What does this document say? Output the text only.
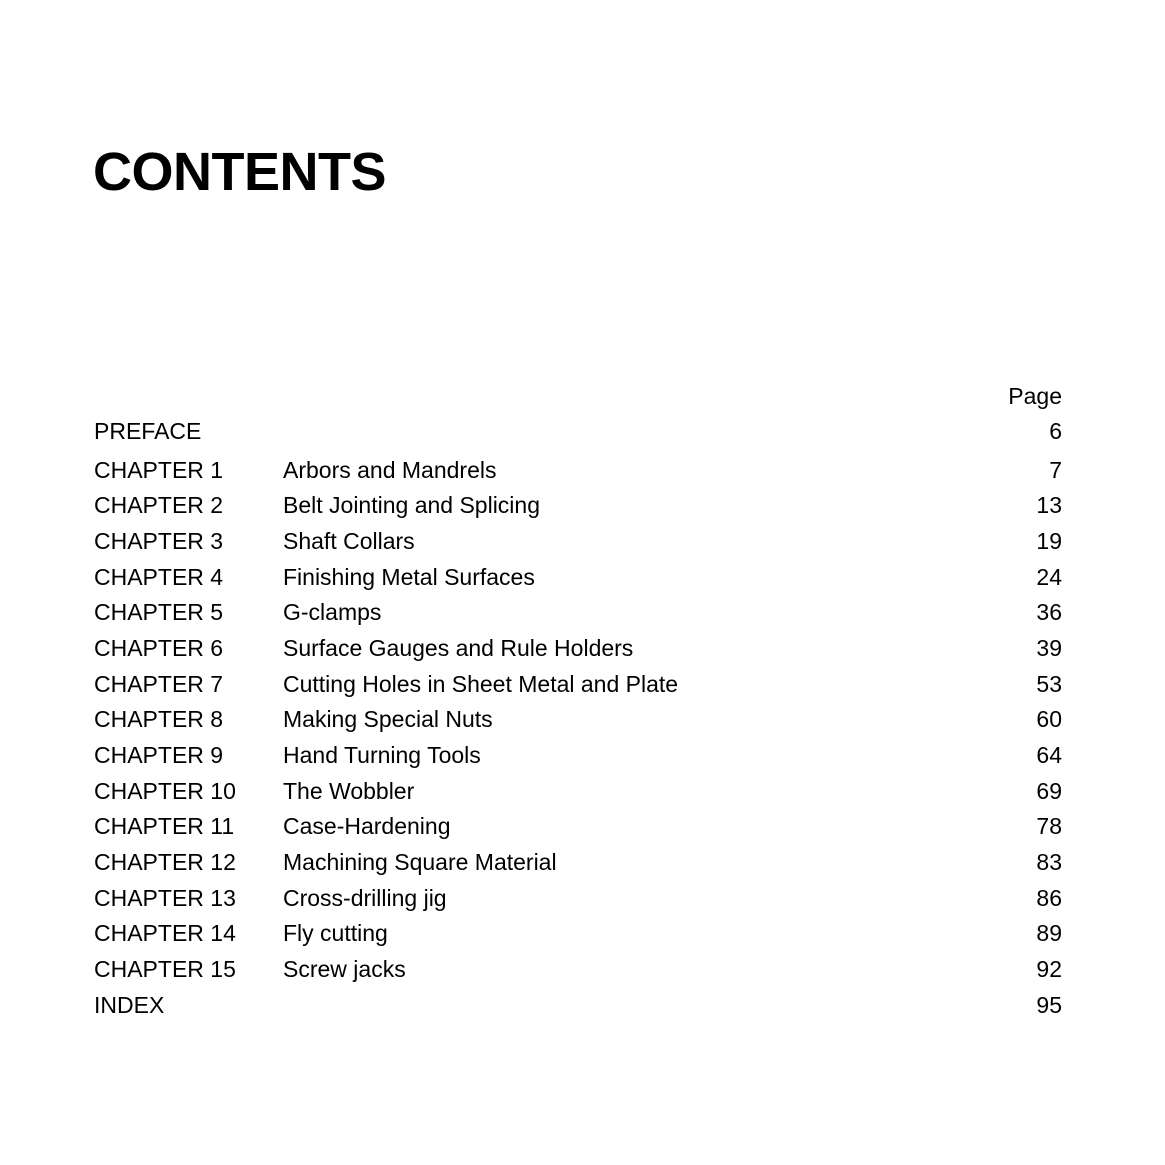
CONTENTS
Page
PREFACE	6
CHAPTER 1	Arbors and Mandrels	7
CHAPTER 2	Belt Jointing and Splicing	13
CHAPTER 3	Shaft Collars	19
CHAPTER 4	Finishing Metal Surfaces	24
CHAPTER 5	G-clamps	36
CHAPTER 6	Surface Gauges and Rule Holders	39
CHAPTER 7	Cutting Holes in Sheet Metal and Plate	53
CHAPTER 8	Making Special Nuts	60
CHAPTER 9	Hand Turning Tools	64
CHAPTER 10 The Wobbler	69
CHAPTER 11 Case-Hardening	78
CHAPTER 12 Machining Square Material	83
CHAPTER 13 Cross-drilling jig	86
CHAPTER 14 Fly cutting	89
CHAPTER 15 Screw jacks	92
INDEX	95
